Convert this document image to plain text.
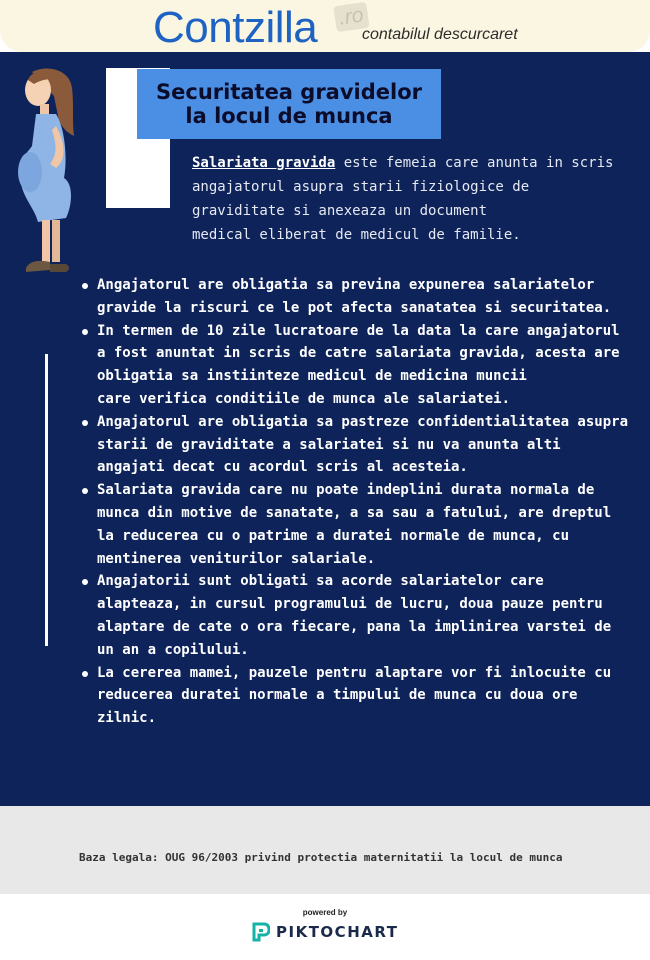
Contzilla .ro
contabilul descurcaret
Securitatea gravidelor
la locul de munca
Salariata gravida este femeia care anunta in scris
angajatorul asupra starii fiziologice de
graviditate si anexeaza un document
medical eliberat de medicul de familie.
Angajatorul are obligatia sa previna expunerea salariatelor
gravide la riscuri ce le pot afecta sanatatea si securitatea.
In termen de 10 zile lucratoare de la data la care angajatorul
a fost anuntat in scris de catre salariata gravida, acesta are
obligatia sa instiinteze medicul de medicina muncii
care verifica conditiile de munca ale salariatei.
Angajatorul are obligatia sa pastreze confidentialitatea asupra
starii de graviditate a salariatei si nu va anunta alti
angajati decat cu acordul scris al acesteia.
Salariata gravida care nu poate indeplini durata normala de
munca din motive de sanatate, a sa sau a fatului, are dreptul
la reducerea cu o patrime a duratei normale de munca, cu
mentinerea veniturilor salariale.
Angajatorii sunt obligati sa acorde salariatelor care
alapteaza, in cursul programului de lucru, doua pauze pentru
alaptare de cate o ora fiecare, pana la implinirea varstei de
un an a copilului.
La cererea mamei, pauzele pentru alaptare vor fi inlocuite cu
reducerea duratei normale a timpului de munca cu doua ore
zilnic.
Baza legala: OUG 96/2003 privind protectia maternitatii la locul de munca
powered by
PIKTOCHART
